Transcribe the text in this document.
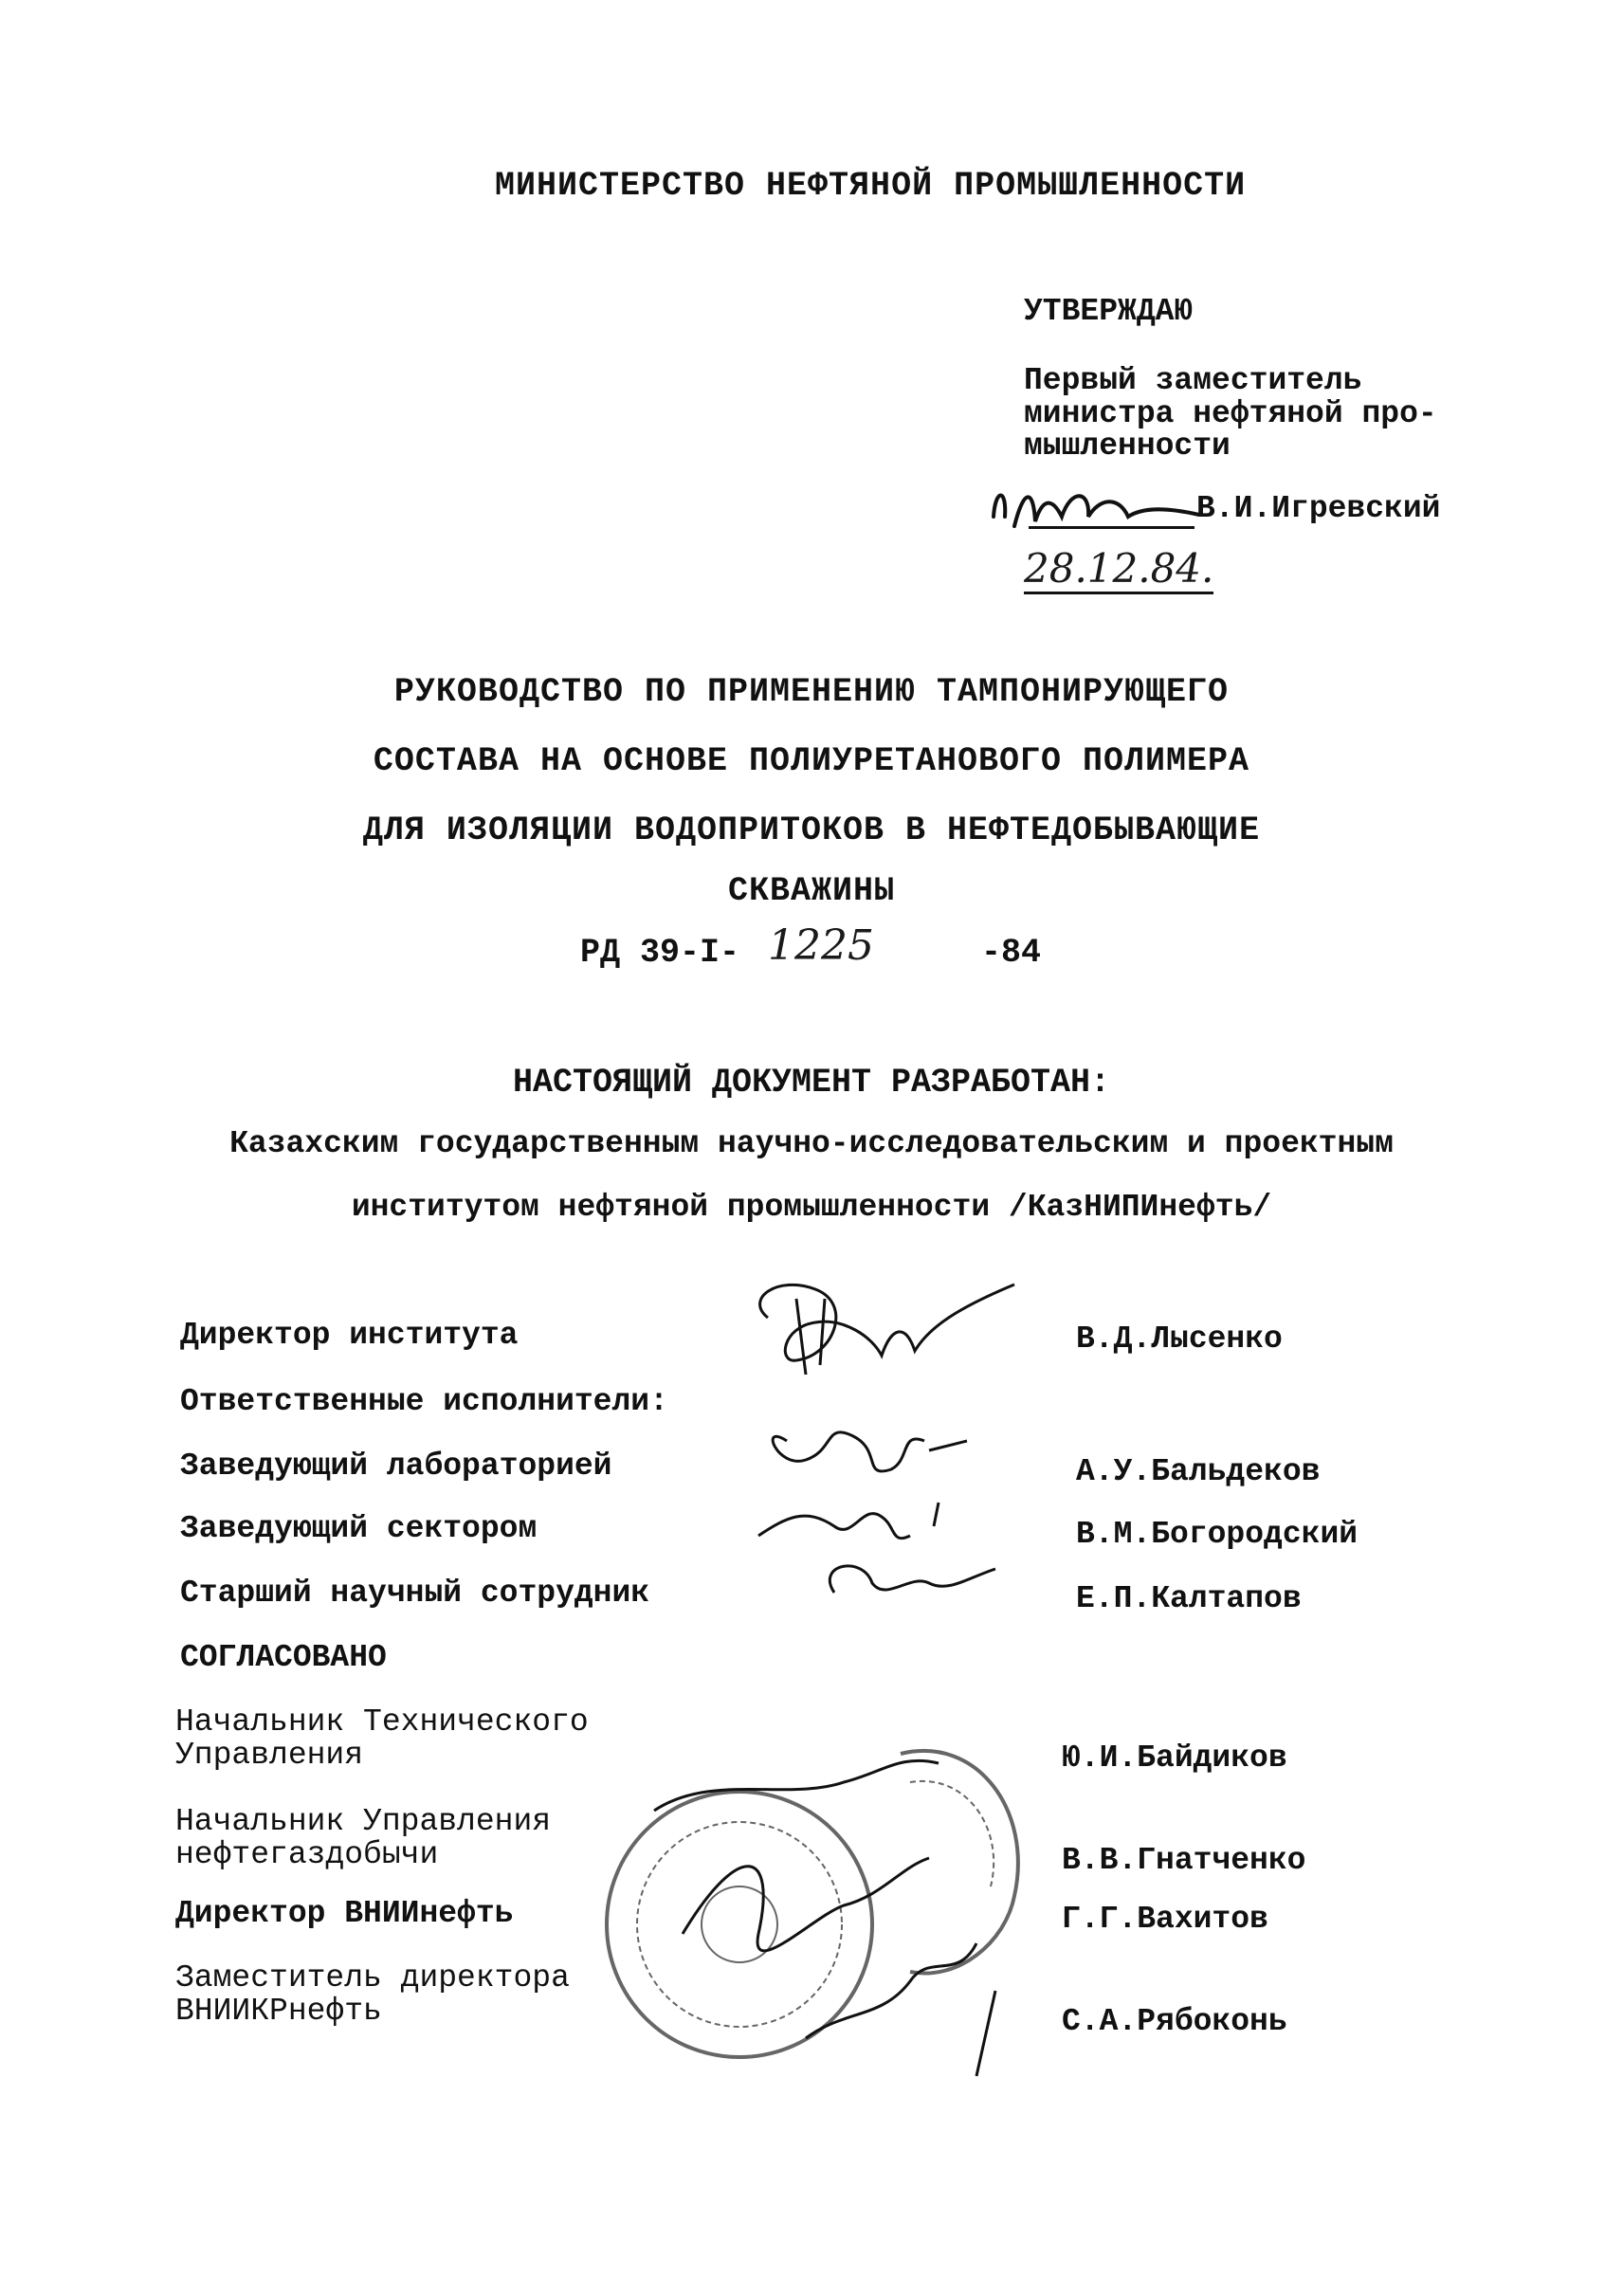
МИНИСТЕРСТВО НЕФТЯНОЙ ПРОМЫШЛЕННОСТИ
УТВЕРЖДАЮ
Первый заместитель
министра нефтяной про-
мышленности
В.И.Игревский
28.12.84.
РУКОВОДСТВО ПО ПРИМЕНЕНИЮ ТАМПОНИРУЮЩЕГО
СОСТАВА НА ОСНОВЕ ПОЛИУРЕТАНОВОГО ПОЛИМЕРА
ДЛЯ ИЗОЛЯЦИИ ВОДОПРИТОКОВ В НЕФТЕДОБЫВАЮЩИЕ
СКВАЖИНЫ
РД 39-I- 1225	-84
НАСТОЯЩИЙ ДОКУМЕНТ РАЗРАБОТАН:
Казахским государственным научно-исследовательским и проектным
институтом нефтяной промышленности /КазНИПИнефть/
Директор института	В.Д.Лысенко
Ответственные исполнители:
Заведующий лабораторией	А.У.Бальдеков
Заведующий сектором	В.М.Богородский
Старший научный сотрудник	Е.П.Калтапов
СОГЛАСОВАНО
Начальник Технического
Управления	Ю.И.Байдиков
Начальник Управления
нефтегаздобычи	В.В.Гнатченко
Директор ВНИИнефть	Г.Г.Вахитов
Заместитель директора
ВНИИКРнефть	С.А.Рябоконь
